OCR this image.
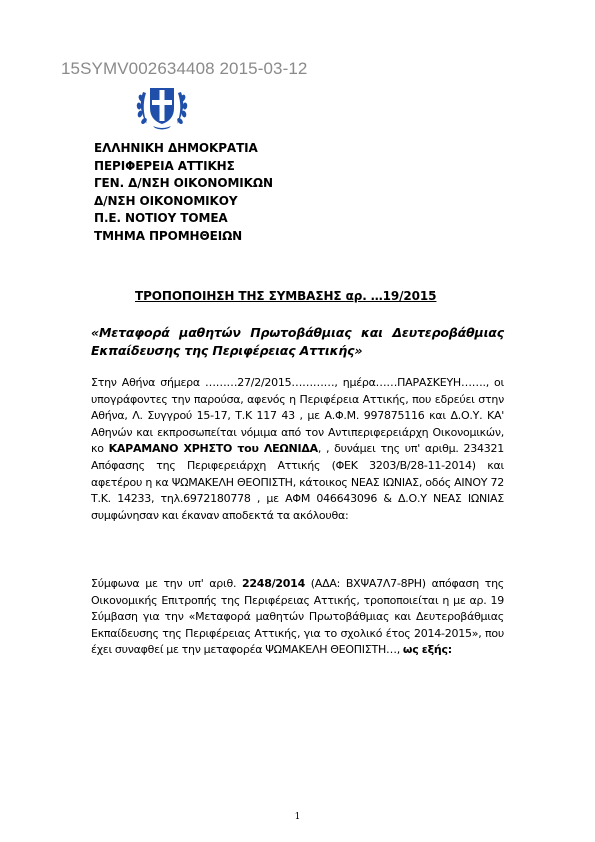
15SYMV002634408 2015-03-12
ΕΛΛΗΝΙΚΗ ΔΗΜΟΚΡΑΤΙΑ
ΠΕΡΙΦΕΡΕΙΑ ΑΤΤΙΚΗΣ
ΓΕΝ. Δ/ΝΣΗ ΟΙΚΟΝΟΜΙΚΩΝ
Δ/ΝΣΗ ΟΙΚΟΝΟΜΙΚΟΥ
Π.Ε. ΝΟΤΙΟΥ ΤΟΜΕΑ
ΤΜΗΜΑ ΠΡΟΜΗΘΕΙΩΝ
ΤΡΟΠΟΠΟΙΗΣΗ ΤΗΣ ΣΥΜΒΑΣΗΣ αρ. …19/2015
«Μεταφορά μαθητών Πρωτοβάθμιας και Δευτεροβάθμιας Εκπαίδευσης της Περιφέρειας Αττικής»

Στην Αθήνα σήμερα ………27/2/2015…………, ημέρα……ΠΑΡΑΣΚΕΥΗ……., οι υπογράφοντες την παρούσα, αφενός η Περιφέρεια Αττικής, που εδρεύει στην Αθήνα, Λ. Συγγρού 15-17, Τ.Κ 117 43 , με Α.Φ.Μ. 997875116 και Δ.Ο.Υ. ΚΑ' Αθηνών και εκπροσωπείται νόμιμα από τον Αντιπεριφερειάρχη Οικονομικών, κο ΚΑΡΑΜΑΝΟ ΧΡΗΣΤΟ του ΛΕΩΝΙΔΑ, , δυνάμει της υπ' αριθμ. 234321 Απόφασης της Περιφερειάρχη Αττικής (ΦΕΚ 3203/Β/28-11-2014) και αφετέρου η κα ΨΩΜΑΚΕΛΗ ΘΕΟΠΙΣΤΗ, κάτοικος ΝΕΑΣ ΙΩΝΙΑΣ, οδός ΑΙΝΟΥ 72 Τ.Κ. 14233, τηλ.6972180778 , με ΑΦΜ 046643096 & Δ.Ο.Υ ΝΕΑΣ ΙΩΝΙΑΣ συμφώνησαν και έκαναν αποδεκτά τα ακόλουθα:

Σύμφωνα με την υπ' αριθ. 2248/2014 (ΑΔΑ: ΒΧΨΑ7Λ7-8ΡΗ) απόφαση της Οικονομικής Επιτροπής της Περιφέρειας Αττικής, τροποποιείται η με αρ. 19 Σύμβαση για την «Μεταφορά μαθητών Πρωτοβάθμιας και Δευτεροβάθμιας Εκπαίδευσης της Περιφέρειας Αττικής, για το σχολικό έτος 2014-2015», που έχει συναφθεί με την μεταφορέα ΨΩΜΑΚΕΛΗ ΘΕΟΠΙΣΤΗ…, ως εξής:

1
